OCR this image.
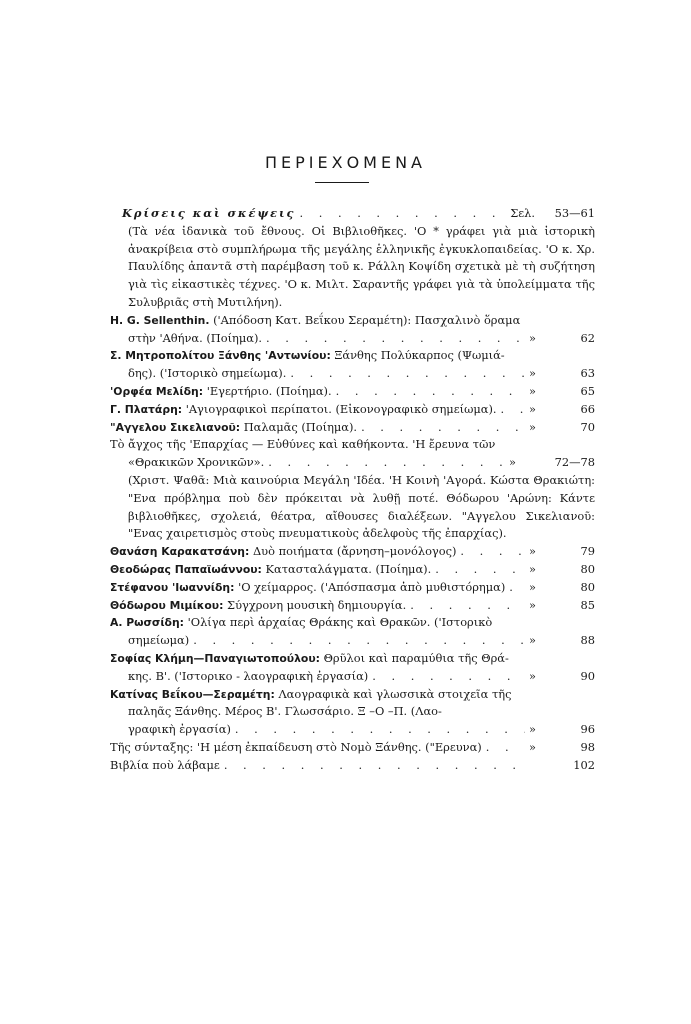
ΠΕΡΙΕΧΟΜΕΝΑ
Κρίσεις καὶ σκέψεις . . .	Σελ.	53—61
(Τὰ νέα ἰδανικὰ τοῦ ἔθνους. Οἱ Βιβλιοθῆκες. 'Ο * γράφει γιὰ μιὰ ἱστορικὴ ἀνακρίβεια στὸ συμπλήρωμα τῆς μεγάλης ἑλληνικῆς ἐγκυκλοπαιδείας. 'Ο κ. Χρ. Παυλίδης ἀπαντᾶ στὴ παρέμβαση τοῦ κ. Ράλλη Κοψίδη σχετικὰ μὲ τὴ συζήτηση γιὰ τὶς εἰκαστικὲς τέχνες. 'Ο κ. Μιλτ. Σαραντῆς γράφει γιὰ τὰ ὑπολείμματα τῆς Συλυβριᾶς στὴ Μυτιλήνη).
H. G. Sellenthin. ('Απόδοση Κατ. Βεΐκου Σεραμέτη): Πασχαλινὸ ὅραμα
στὴν 'Αθήνα. (Ποίημα). . . .	»	62
Σ. Μητροπολίτου Ξάνθης 'Αντωνίου: Ξάνθης Πολύκαρπος (Ψωμιά-
δης). ('Ιστορικὸ σημείωμα). . . .	»	63
'Ορφέα Μελίδη: 'Εγερτήριο. (Ποίημα). . . .	»	65
Γ. Πλατάρη: 'Αγιογραφικοὶ περίπατοι. (Εἰκονογραφικὸ σημείωμα). . . .	»	66
"Αγγελου Σικελιανοῦ: Παλαμᾶς (Ποίημα). . . .	»	70
Τὸ ἄγχος τῆς 'Επαρχίας — Εὐθύνες καὶ καθήκοντα. 'Η ἔρευνα τῶν
«Θρακικῶν Χρονικῶν». . . .	»	72—78
(Χριστ. Ψαθᾶ: Μιὰ καινούρια Μεγάλη 'Ιδέα. 'Η Κοινὴ 'Αγορά. Κώστα Θρακιώτη: "Ενα πρόβλημα ποὺ δὲν πρόκειται νὰ λυθῇ ποτέ. Θόδωρου 'Αρώνη: Κάντε βιβλιοθῆκες, σχολειά, θέατρα, αἴθουσες διαλέξεων. "Αγγελου Σικελιανοῦ: "Ενας χαιρετισμὸς στοὺς πνευματικοὺς ἀδελφοὺς τῆς ἐπαρχίας).
Θανάση Καρακατσάνη: Δυὸ ποιήματα (ἄρνηση–μονόλογος) . . .	»	79
Θεοδώρας Παπαϊωάννου: Κατασταλάγματα. (Ποίημα). . . .	»	80
Στέφανου 'Ιωαννίδη: 'Ο χείμαρρος. ('Απόσπασμα ἀπὸ μυθιστόρημα) . . . »	80
Θόδωρου Μιμίκου: Σύγχρονη μουσικὴ δημιουργία. . . .	»	85
Α. Ρωσσίδη: 'Ολίγα περὶ ἀρχαίας Θράκης καὶ Θρακῶν. ('Ιστορικὸ
σημείωμα) . . .	»	88
Σοφίας Κλήμη—Παναγιωτοπούλου: Θρῦλοι καὶ παραμύθια τῆς Θρά-
κης. Β'. ('Ιστορικο - λαογραφικὴ ἐργασία) . . .	»	90
Κατίνας Βεΐκου—Σεραμέτη: Λαογραφικὰ καὶ γλωσσικὰ στοιχεῖα τῆς
παληᾶς Ξάνθης. Μέρος Β'. Γλωσσάριο. Ξ –Ο –Π. (Λαο-
γραφικὴ ἐργασία) . . .	»	96
Τῆς σύνταξης: 'Η μέση ἐκπαίδευση στὸ Νομὸ Ξάνθης. ("Ερευνα) . . .	»	98
Βιβλία ποὺ λάβαμε . . .	102
